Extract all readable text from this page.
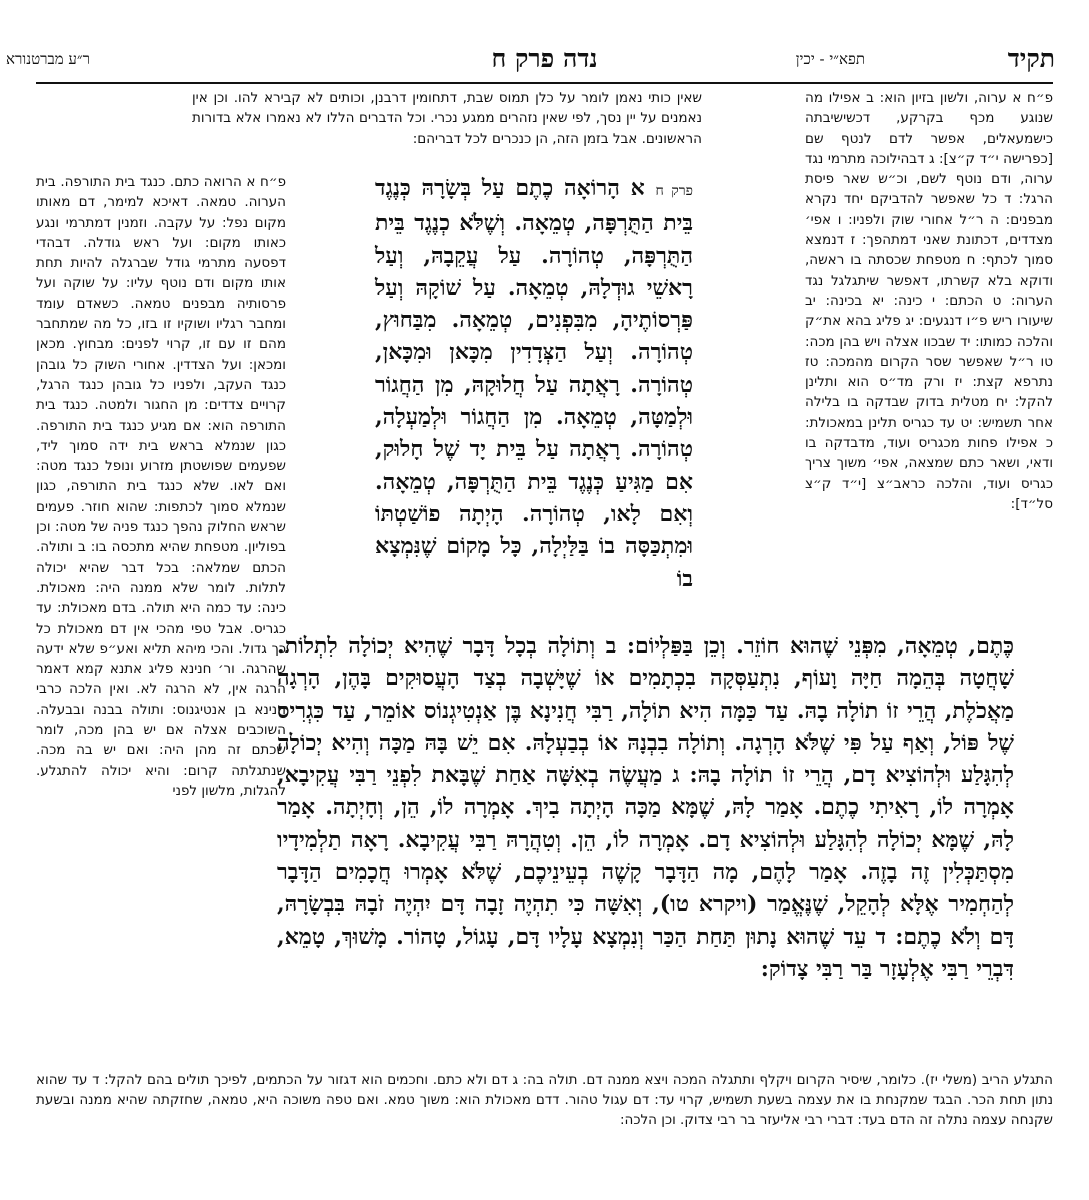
תקיד
תפא״י - יכין
נדה פרק ח
ר״ע מברטנורא

פ״ח א ערוה, ולשון בזיון הוא: ב אפילו מה שנוגע מכף בקרקע, דכשישיבתה כישמעאלים, אפשר לדם לנטף שם [כפרישה י״ד ק״צ]: ג דבהילוכה מתרמי נגד ערוה, ודם נוטף לשם, וכ״ש שאר פיסת הרגל: ד כל שאפשר להדביקם יחד נקרא מבפנים: ה ר״ל אחורי שוק ולפניו: ו אפי׳ מצדדים, דכתונת שאני דמתהפך: ז דנמצא סמוך לכתף: ח מטפחת שכסתה בו ראשה, ודוקא בלא קשרתו, דאפשר שיתגלגל נגד הערוה: ט הכתם: י כינה: יא בכינה: יב שיעורו ריש פ״ו דנגעים: יג פליג בהא את״ק והלכה כמותו: יד שבכוו אצלה ויש בהן מכה: טו ר״ל שאפשר שסר הקרום מהמכה: טז נתרפא קצת: יז ורק מד״ס הוא ותלינן להקל: יח מטלית בדוק שבדקה בו בלילה אחר תשמיש: יט עד כגריס תלינן במאכולת: כ אפילו פחות מכגריס ועוד, מדבדקה בו ודאי, ושאר כתם שמצאה, אפי׳ משוך צריך כגריס ועוד, והלכה כראב״צ [י״ד ק״צ סל״ד]:

שאין כותי נאמן לומר על כלן תמוס שבת, דתחומין דרבנן, וכותים לא קבירא להו. וכן אין נאמנים על יין נסך, לפי שאין נזהרים ממגע נכרי. וכל הדברים הללו לא נאמרו אלא בדורות הראשונים. אבל בזמן הזה, הן כנכרים לכל דבריהם:

פ״ח א הרואה כתם. כנגד בית התורפה. בית הערוה. טמאה. דאיכא למימר, דם מאותו מקום נפל: על עקבה. וזמנין דמתרמי ונגע כאותו מקום: ועל ראש גודלה. דבהדי דפסעה מתרמי גודל שברגלה להיות תחת אותו מקום ודם נוטף עליו: על שוקה ועל פרסותיה מבפנים טמאה. כשאדם עומד ומחבר רגליו ושוקיו זו בזו, כל מה שמתחבר מהם זו עם זו, קרוי לפנים: מבחוץ. מכאן ומכאן: ועל הצדדין. אחורי השוק כל גובהן כנגד העקב, ולפניו כל גובהן כנגד הרגל, קרויים צדדים: מן החגור ולמטה. כנגד בית התורפה הוא: אם מגיע כנגד בית התורפה. כגון שנמלא בראש בית ידה סמוך ליד, שפעמים שפושטתן מזרוע ונופל כנגד מטה: ואם לאו. שלא כנגד בית התורפה, כגון שנמלא סמוך לכתפות: שהוא חוזר. פעמים שראש החלוק נהפך כנגד פניה של מטה: וכן בפוליון. מטפחת שהיא מתכסה בו: ב ותולה. הכתם שמלאה: בכל דבר שהיא יכולה לתלות. לומר שלא ממנה היה: מאכולת. כינה: עד כמה היא תולה. בדם מאכולת: עד כגריס. אבל טפי מהכי אין דם מאכולת כל כך גדול. והכי מיהא תליא ואע״פ שלא ידעה שהרגה. ור׳ חנינא פליג אתנא קמא דאמר הרגה אין, לא הרגה לא. ואין הלכה כרבי חנינא בן אנטיגנוס: ותולה בבנה ובבעלה. השוכבים אצלה אם יש בהן מכה, לומר שכתם זה מהן היה: ואם יש בה מכה. שנתגלתה קרום: והיא יכולה להתגלע. להגלות, מלשון לפני

פרק ח א הָרוֹאָה כֶתֶם עַל בְּשָׂרָהּ כְּנֶגֶד בֵּית הַתֻּרְפָּה, טְמֵאָה. וְשֶׁלֹּא כְנֶגֶד בֵּית הַתֻּרְפָּה, טְהוֹרָה. עַל עֲקֵבָהּ, וְעַל רָאשֵׁי גוּדְלָהּ, טְמֵאָה. עַל שׁוֹקָהּ וְעַל פַּרְסוֹתֶיהָ, מִבִּפְנִים, טְמֵאָה. מִבַּחוּץ, טְהוֹרָה. וְעַל הַצְּדָדִין מִכָּאן וּמִכָּאן, טְהוֹרָה. רָאֲתָה עַל חֲלוּקָהּ, מִן הַחֲגוֹר וּלְמַטָּה, טְמֵאָה. מִן הַחֲגוֹר וּלְמַעְלָה, טְהוֹרָה. רָאֲתָה עַל בֵּית יָד שֶׁל חָלוּק, אִם מַגִּיעַ כְּנֶגֶד בֵּית הַתֻּרְפָּה, טְמֵאָה. וְאִם לָאו, טְהוֹרָה. הָיְתָה פוֹשַׁטְתּוֹ וּמִתְכַּסָּה בוֹ בַּלַּיְלָה, כָּל מָקוֹם שֶׁנִּמְצָא בוֹ
כֶּתֶם, טְמֵאָה, מִפְּנֵי שֶׁהוּא חוֹזֵר. וְכֵן בַּפַּלְיוֹם: ב וְתוֹלָה בְכָל דָּבָר שֶׁהִיא יְכוֹלָה לִתְלוֹת. שָׁחֲטָה בְּהֵמָה חַיָּה וָעוֹף, נִתְעַסְּקָה בִכְתָמִים אוֹ שֶׁיָּשְׁבָה בְצַד הָעֲסוּקִים בָּהֶן, הָרְגָה מַאֲכֹלֶת, הֲרֵי זוֹ תוֹלָה בָהּ. עַד כַּמָּה הִיא תוֹלָה, רַבִּי חֲנִינָא בֶּן אַנְטִיגְנוֹס אוֹמֵר, עַד כִּגְרִיס שֶׁל פּוֹל, וְאַף עַל פִּי שֶׁלֹּא הָרְגָה. וְתוֹלָה בִבְנָהּ אוֹ בְבַעְלָהּ. אִם יֵשׁ בָּהּ מַכָּה וְהִיא יְכוֹלָה לְהִגָּלַע וּלְהוֹצִיא דָם, הֲרֵי זוֹ תוֹלָה בָהּ: ג מַעֲשֶׂה בְאִשָּׁה אַחַת שֶׁבָּאת לִפְנֵי רַבִּי עֲקִיבָא, אָמְרָה לוֹ, רָאִיתִי כֶתֶם. אָמַר לָהּ, שֶׁמָּא מַכָּה הָיְתָה בִיךְ. אָמְרָה לוֹ, הֵן, וְחָיְתָה. אָמַר לָהּ, שֶׁמָּא יְכוֹלָה לְהִגָּלַע וּלְהוֹצִיא דָם. אָמְרָה לוֹ, הֵן. וְטִהֲרָהּ רַבִּי עֲקִיבָא. רָאָה תַלְמִידָיו מִסְתַּכְּלִין זֶה בָזֶה. אָמַר לָהֶם, מָה הַדָּבָר קָשֶׁה בְעֵינֵיכֶם, שֶׁלֹּא אָמְרוּ חֲכָמִים הַדָּבָר לְהַחְמִיר אֶלָּא לְהָקֵל, שֶׁנֶּאֱמַר (ויקרא טו), וְאִשָּׁה כִּי תִהְיֶה זָבָה דָּם יִהְיֶה זֹבָהּ בִּבְשָׂרָהּ, דָּם וְלֹא כֶתֶם: ד עֵד שֶׁהוּא נָתוּן תַּחַת הַכַּר וְנִמְצָא עָלָיו דָּם, עָגוֹל, טָהוֹר. מָשׁוּךְ, טָמֵא, דִּבְרֵי רַבִּי אֶלְעָזָר בַּר רַבִּי צָדוֹק:

התגלע הריב (משלי יז). כלומר, שיסיר הקרום ויקלף ותתגלה המכה ויצא ממנה דם. תולה בה: ג דם ולא כתם. וחכמים הוא דגזור על הכתמים, לפיכך תולים בהם להקל: ד עד שהוא נתון תחת הכר. הבגד שמקנחת בו את עצמה בשעת תשמיש, קרוי עד: דם עגול טהור. דדם מאכולת הוא: משוך טמא. ואם טפה משוכה היא, טמאה, שחזקתה שהיא ממנה ובשעת שקנחה עצמה נתלה זה הדם בעד: דברי רבי אליעזר בר רבי צדוק. וכן הלכה:
